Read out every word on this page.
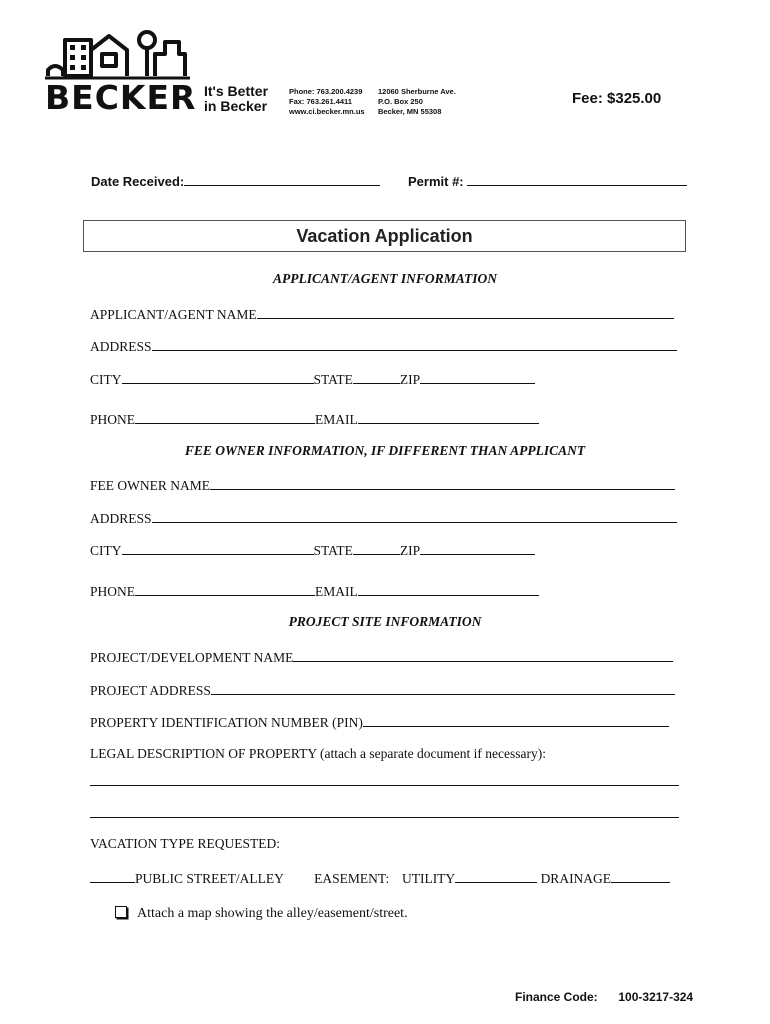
BECKER It's Better
in Becker
Phone: 763.200.4239
Fax: 763.261.4411
www.ci.becker.mn.us
12060 Sherburne Ave.
P.O. Box 250
Becker, MN 55308
Fee: $325.00
Date Received:	Permit #:
Vacation Application
APPLICANT/AGENT INFORMATION
APPLICANT/AGENT NAME
ADDRESS
CITY	STATE	ZIP
PHONE	EMAIL
FEE OWNER INFORMATION, IF DIFFERENT THAN APPLICANT
FEE OWNER NAME
ADDRESS
CITY	STATE	ZIP
PHONE	EMAIL
PROJECT SITE INFORMATION
PROJECT/DEVELOPMENT NAME
PROJECT ADDRESS
PROPERTY IDENTIFICATION NUMBER (PIN)
LEGAL DESCRIPTION OF PROPERTY (attach a separate document if necessary):
VACATION TYPE REQUESTED:
PUBLIC STREET/ALLEY EASEMENT: UTILITY	DRAINAGE
Attach a map showing the alley/easement/street.
Finance Code: 100-3217-324
